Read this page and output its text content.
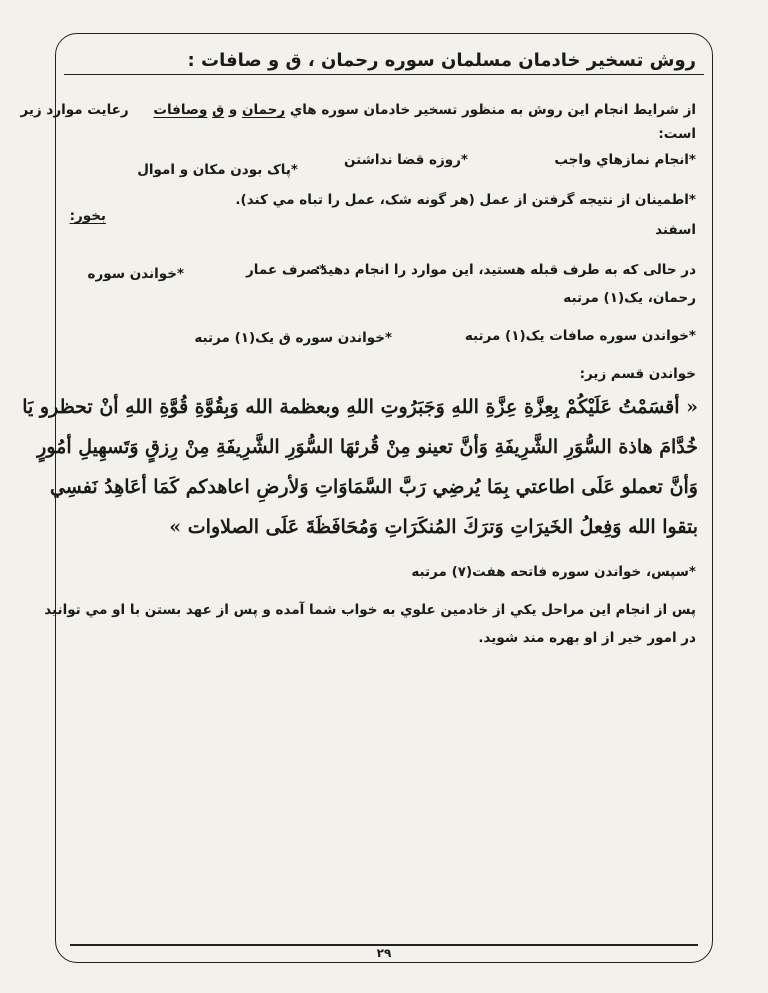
روش تسخير خادمان مسلمان سوره رحمان ، ق و صافات :
از شرايط انجام اين روش به منظور تسخير خادمان سوره هاي رحمان و ق وصافات رعايت موارد زير
است:
*انجام نمازهاي واجب
*روزه قضا نداشتن
*پاک بودن مکان و اموال
*اطمينان از نتيجه گرفتن از عمل (هر گونه شک، عمل را تباه مي کند).
بخور:
اسفند
در حالی که به طرف قبله هستيد، اين موارد را انجام دهيد:
*صرف عمار
*خواندن سوره
رحمان، يک(۱) مرتبه
*خواندن سوره صافات يک(۱) مرتبه
*خواندن سوره ق يک(۱) مرتبه
خواندن قسم زير:
« أقسَمْتُ عَلَيْكُمْ بِعِزَّةِ عِزَّةِ اللهِ وَجَبَرُوتِ اللهِ وبعظمة الله وَبِقُوَّةِ قُوَّةِ اللهِ أنْ تحظرو يَا
خُدَّامَ هاذة السُّوَرِ الشَّرِيفَةِ وَأنَّ تعينو مِنْ قُرئهَا السُّوَرِ الشَّرِيفَةِ مِنْ رِزقٍ وَتَسهِيلِ أمُورٍ
وَأنَّ تعملو عَلَى اطاعتي بِمَا يُرضِي رَبَّ السَّمَاوَاتِ وَلأرضِ اعاهدكم كَمَا أعَاهِدُ نَفسِي
بتقوا الله وَفِعلُ الخَيرَاتِ وَترَكَ المُنكَرَاتِ وَمُحَافَظَةَ عَلَى الصلاوات »
*سپس، خواندن سوره فاتحه هفت(۷) مرتبه
پس از انجام اين مراحل يکي از خادمين علوي به خواب شما آمده و پس از عهد بستن با او مي توانيد
در امور خير از او بهره مند شويد.
۲۹
